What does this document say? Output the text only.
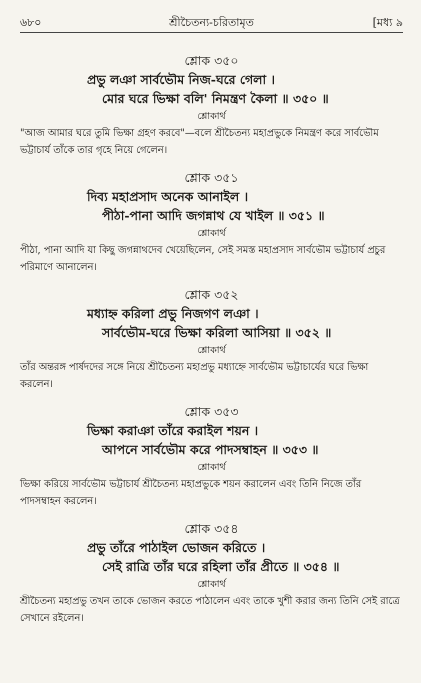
৬৮০	শ্রীচৈতন্য-চরিতামৃত	[মধ্য ৯
শ্লোক ৩৫০
প্রভু লঞা সার্বভৌম নিজ-ঘরে গেলা ।
মোর ঘরে ভিক্ষা বলি' নিমন্ত্রণ কৈলা ॥ ৩৫০ ॥
শ্লোকার্থ
"আজ আমার ঘরে তুমি ভিক্ষা গ্রহণ করবে"—বলে শ্রীচৈতন্য মহাপ্রভুকে নিমন্ত্রণ করে সার্বভৌম ভট্টাচার্য তাঁকে তার গৃহে নিয়ে গেলেন।
শ্লোক ৩৫১
দিব্য মহাপ্রসাদ অনেক আনাইল ।
পীঠা-পানা আদি জগন্নাথ যে খাইল ॥ ৩৫১ ॥
শ্লোকার্থ
পীঠা, পানা আদি যা কিছু জগন্নাথদেব খেয়েছিলেন, সেই সমস্ত মহাপ্রসাদ সার্বভৌম ভট্টাচার্য প্রচুর পরিমাণে আনালেন।
শ্লোক ৩৫২
মধ্যাহ্ন করিলা প্রভু নিজগণ লঞা ।
সার্বভৌম-ঘরে ভিক্ষা করিলা আসিয়া ॥ ৩৫২ ॥
শ্লোকার্থ
তাঁর অন্তরঙ্গ পার্ষদদের সঙ্গে নিয়ে শ্রীচৈতন্য মহাপ্রভু মধ্যাহ্নে সার্বভৌম ভট্টাচার্যের ঘরে ভিক্ষা করলেন।
শ্লোক ৩৫৩
ভিক্ষা করাঞা তাঁরে করাইল শয়ন ।
আপনে সার্বভৌম করে পাদসম্বাহন ॥ ৩৫৩ ॥
শ্লোকার্থ
ভিক্ষা করিয়ে সার্বভৌম ভট্টাচার্য শ্রীচৈতন্য মহাপ্রভুকে শয়ন করালেন এবং তিনি নিজে তাঁর পাদসম্বাহন করলেন।
শ্লোক ৩৫৪
প্রভু তাঁরে পাঠাইল ভোজন করিতে ।
সেই রাত্রি তাঁর ঘরে রহিলা তাঁর প্রীতে ॥ ৩৫৪ ॥
শ্লোকার্থ
শ্রীচৈতন্য মহাপ্রভু তখন তাকে ভোজন করতে পাঠালেন এবং তাকে খুশী করার জন্য তিনি সেই রাত্রে সেখানে রইলেন।
